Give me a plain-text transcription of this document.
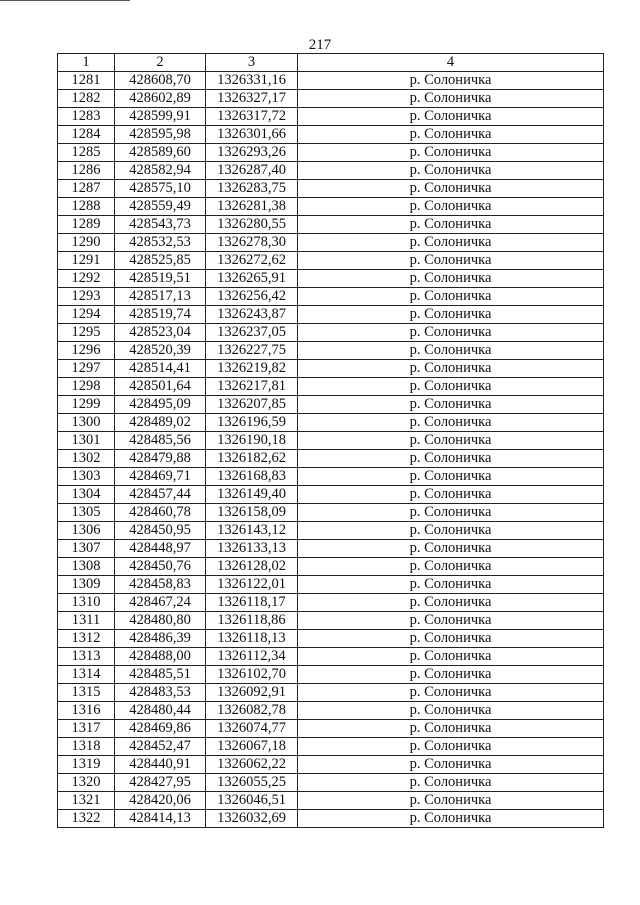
217
1	2	3	4
1281	428608,70	1326331,16	р. Солоничка
1282	428602,89	1326327,17	р. Солоничка
1283	428599,91	1326317,72	р. Солоничка
1284	428595,98	1326301,66	р. Солоничка
1285	428589,60	1326293,26	р. Солоничка
1286	428582,94	1326287,40	р. Солоничка
1287	428575,10	1326283,75	р. Солоничка
1288	428559,49	1326281,38	р. Солоничка
1289	428543,73	1326280,55	р. Солоничка
1290	428532,53	1326278,30	р. Солоничка
1291	428525,85	1326272,62	р. Солоничка
1292	428519,51	1326265,91	р. Солоничка
1293	428517,13	1326256,42	р. Солоничка
1294	428519,74	1326243,87	р. Солоничка
1295	428523,04	1326237,05	р. Солоничка
1296	428520,39	1326227,75	р. Солоничка
1297	428514,41	1326219,82	р. Солоничка
1298	428501,64	1326217,81	р. Солоничка
1299	428495,09	1326207,85	р. Солоничка
1300	428489,02	1326196,59	р. Солоничка
1301	428485,56	1326190,18	р. Солоничка
1302	428479,88	1326182,62	р. Солоничка
1303	428469,71	1326168,83	р. Солоничка
1304	428457,44	1326149,40	р. Солоничка
1305	428460,78	1326158,09	р. Солоничка
1306	428450,95	1326143,12	р. Солоничка
1307	428448,97	1326133,13	р. Солоничка
1308	428450,76	1326128,02	р. Солоничка
1309	428458,83	1326122,01	р. Солоничка
1310	428467,24	1326118,17	р. Солоничка
1311	428480,80	1326118,86	р. Солоничка
1312	428486,39	1326118,13	р. Солоничка
1313	428488,00	1326112,34	р. Солоничка
1314	428485,51	1326102,70	р. Солоничка
1315	428483,53	1326092,91	р. Солоничка
1316	428480,44	1326082,78	р. Солоничка
1317	428469,86	1326074,77	р. Солоничка
1318	428452,47	1326067,18	р. Солоничка
1319	428440,91	1326062,22	р. Солоничка
1320	428427,95	1326055,25	р. Солоничка
1321	428420,06	1326046,51	р. Солоничка
1322	428414,13	1326032,69	р. Солоничка
